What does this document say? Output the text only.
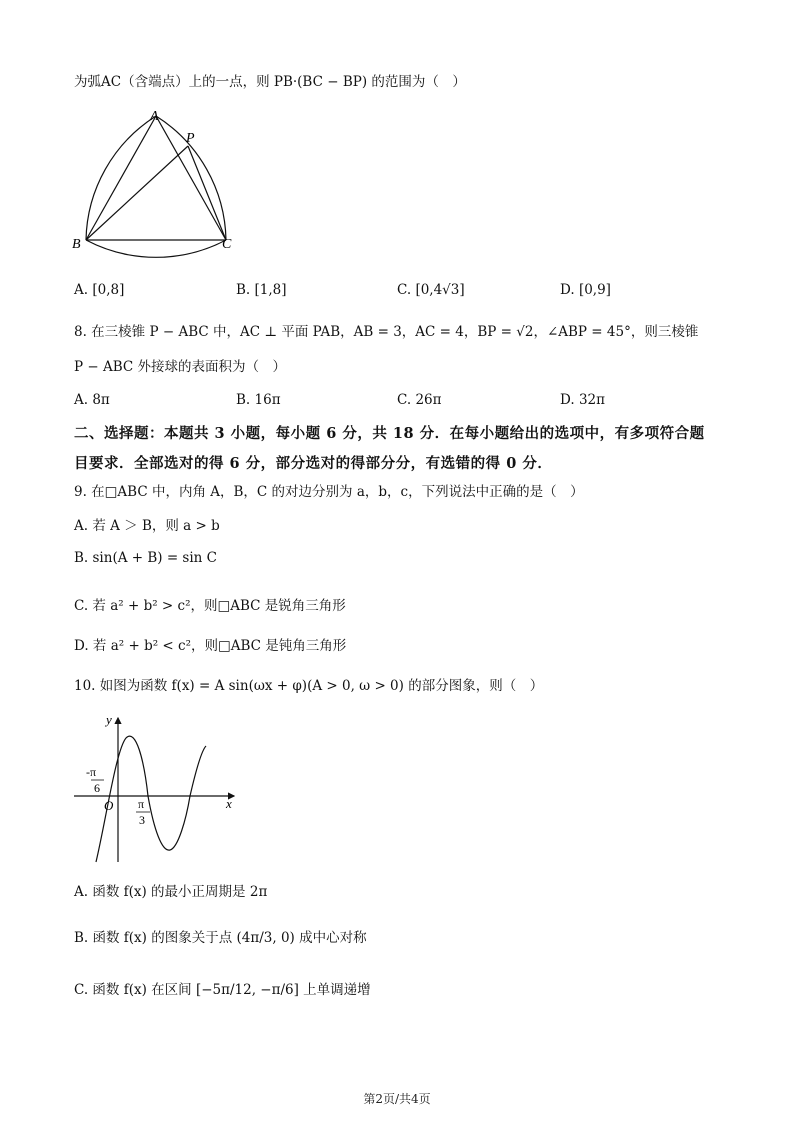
为弧AC（含端点）上的一点，则 PB·(BC − BP) 的范围为（　）
A
P
B	C
A. [0,8]	B. [1,8]	C. [0,4√3]	D. [0,9]
8. 在三棱锥 P − ABC 中，AC ⊥ 平面 PAB，AB = 3，AC = 4，BP = √2，∠ABP = 45°，则三棱锥
P − ABC 外接球的表面积为（　）
A. 8π	B. 16π	C. 26π	D. 32π
二、选择题：本题共 3 小题，每小题 6 分，共 18 分．在每小题给出的选项中，有多项符合题
目要求．全部选对的得 6 分，部分选对的得部分分，有选错的得 0 分．
9. 在□ABC 中，内角 A，B，C 的对边分别为 a，b，c，下列说法中正确的是（　）
A. 若 A ＞ B，则 a > b
B. sin(A + B) = sin C
C. 若 a² + b² > c²，则□ABC 是锐角三角形
D. 若 a² + b² < c²，则□ABC 是钝角三角形
10. 如图为函数 f(x) = A sin(ωx + φ)(A > 0, ω > 0) 的部分图象，则（　）
y
x
O
-π
6
π
3
A. 函数 f(x) 的最小正周期是 2π
B. 函数 f(x) 的图象关于点 (4π/3, 0) 成中心对称
C. 函数 f(x) 在区间 [−5π/12, −π/6] 上单调递增
第2页/共4页
